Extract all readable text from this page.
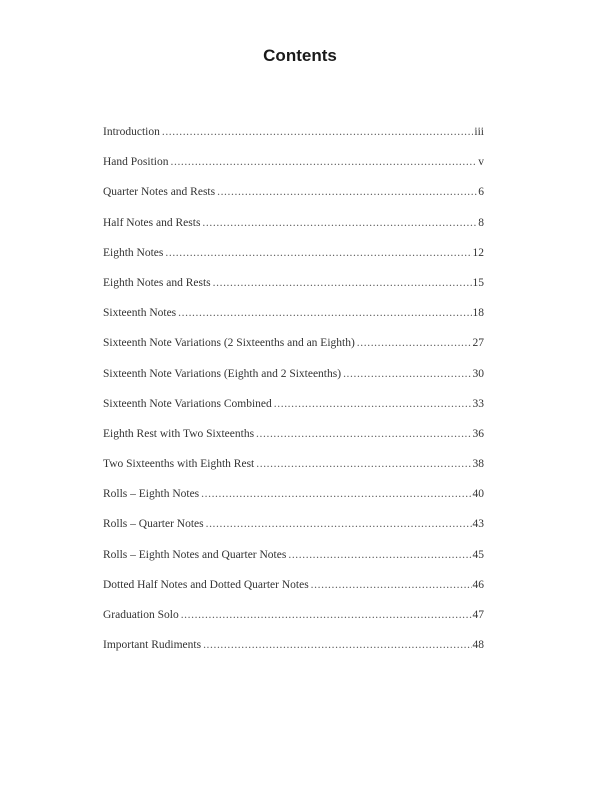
Contents
Introduction .....	iii
Hand Position .....	v
Quarter Notes and Rests .....	6
Half Notes and Rests .....	8
Eighth Notes .....	12
Eighth Notes and Rests .....	15
Sixteenth Notes .....	18
Sixteenth Note Variations (2 Sixteenths and an Eighth) .....	27
Sixteenth Note Variations (Eighth and 2 Sixteenths) .....	30
Sixteenth Note Variations Combined .....	33
Eighth Rest with Two Sixteenths .....	36
Two Sixteenths with Eighth Rest .....	38
Rolls – Eighth Notes .....	40
Rolls – Quarter Notes .....	43
Rolls – Eighth Notes and Quarter Notes .....	45
Dotted Half Notes and Dotted Quarter Notes .....	46
Graduation Solo .....	47
Important Rudiments .....	48
